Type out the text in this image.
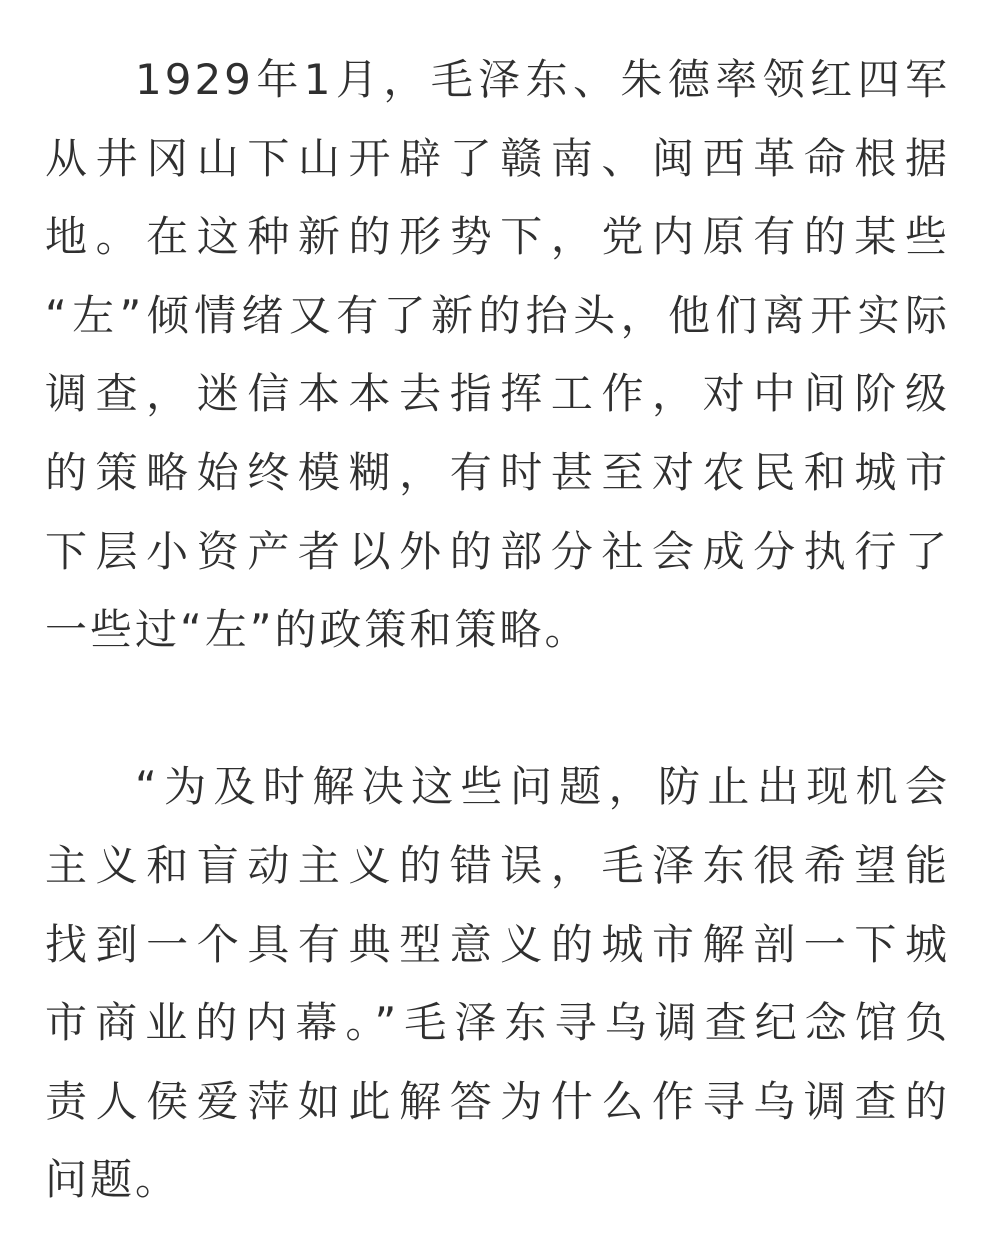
1929年1月，毛泽东、朱德率领红四军
从井冈山下山开辟了赣南、闽西革命根据
地。在这种新的形势下，党内原有的某些
“左”倾情绪又有了新的抬头，他们离开实际
调查，迷信本本去指挥工作，对中间阶级
的策略始终模糊，有时甚至对农民和城市
下层小资产者以外的部分社会成分执行了
一些过“左”的政策和策略。
“为及时解决这些问题，防止出现机会
主义和盲动主义的错误，毛泽东很希望能
找到一个具有典型意义的城市解剖一下城
市商业的内幕。”毛泽东寻乌调查纪念馆负
责人侯爱萍如此解答为什么作寻乌调查的
问题。
